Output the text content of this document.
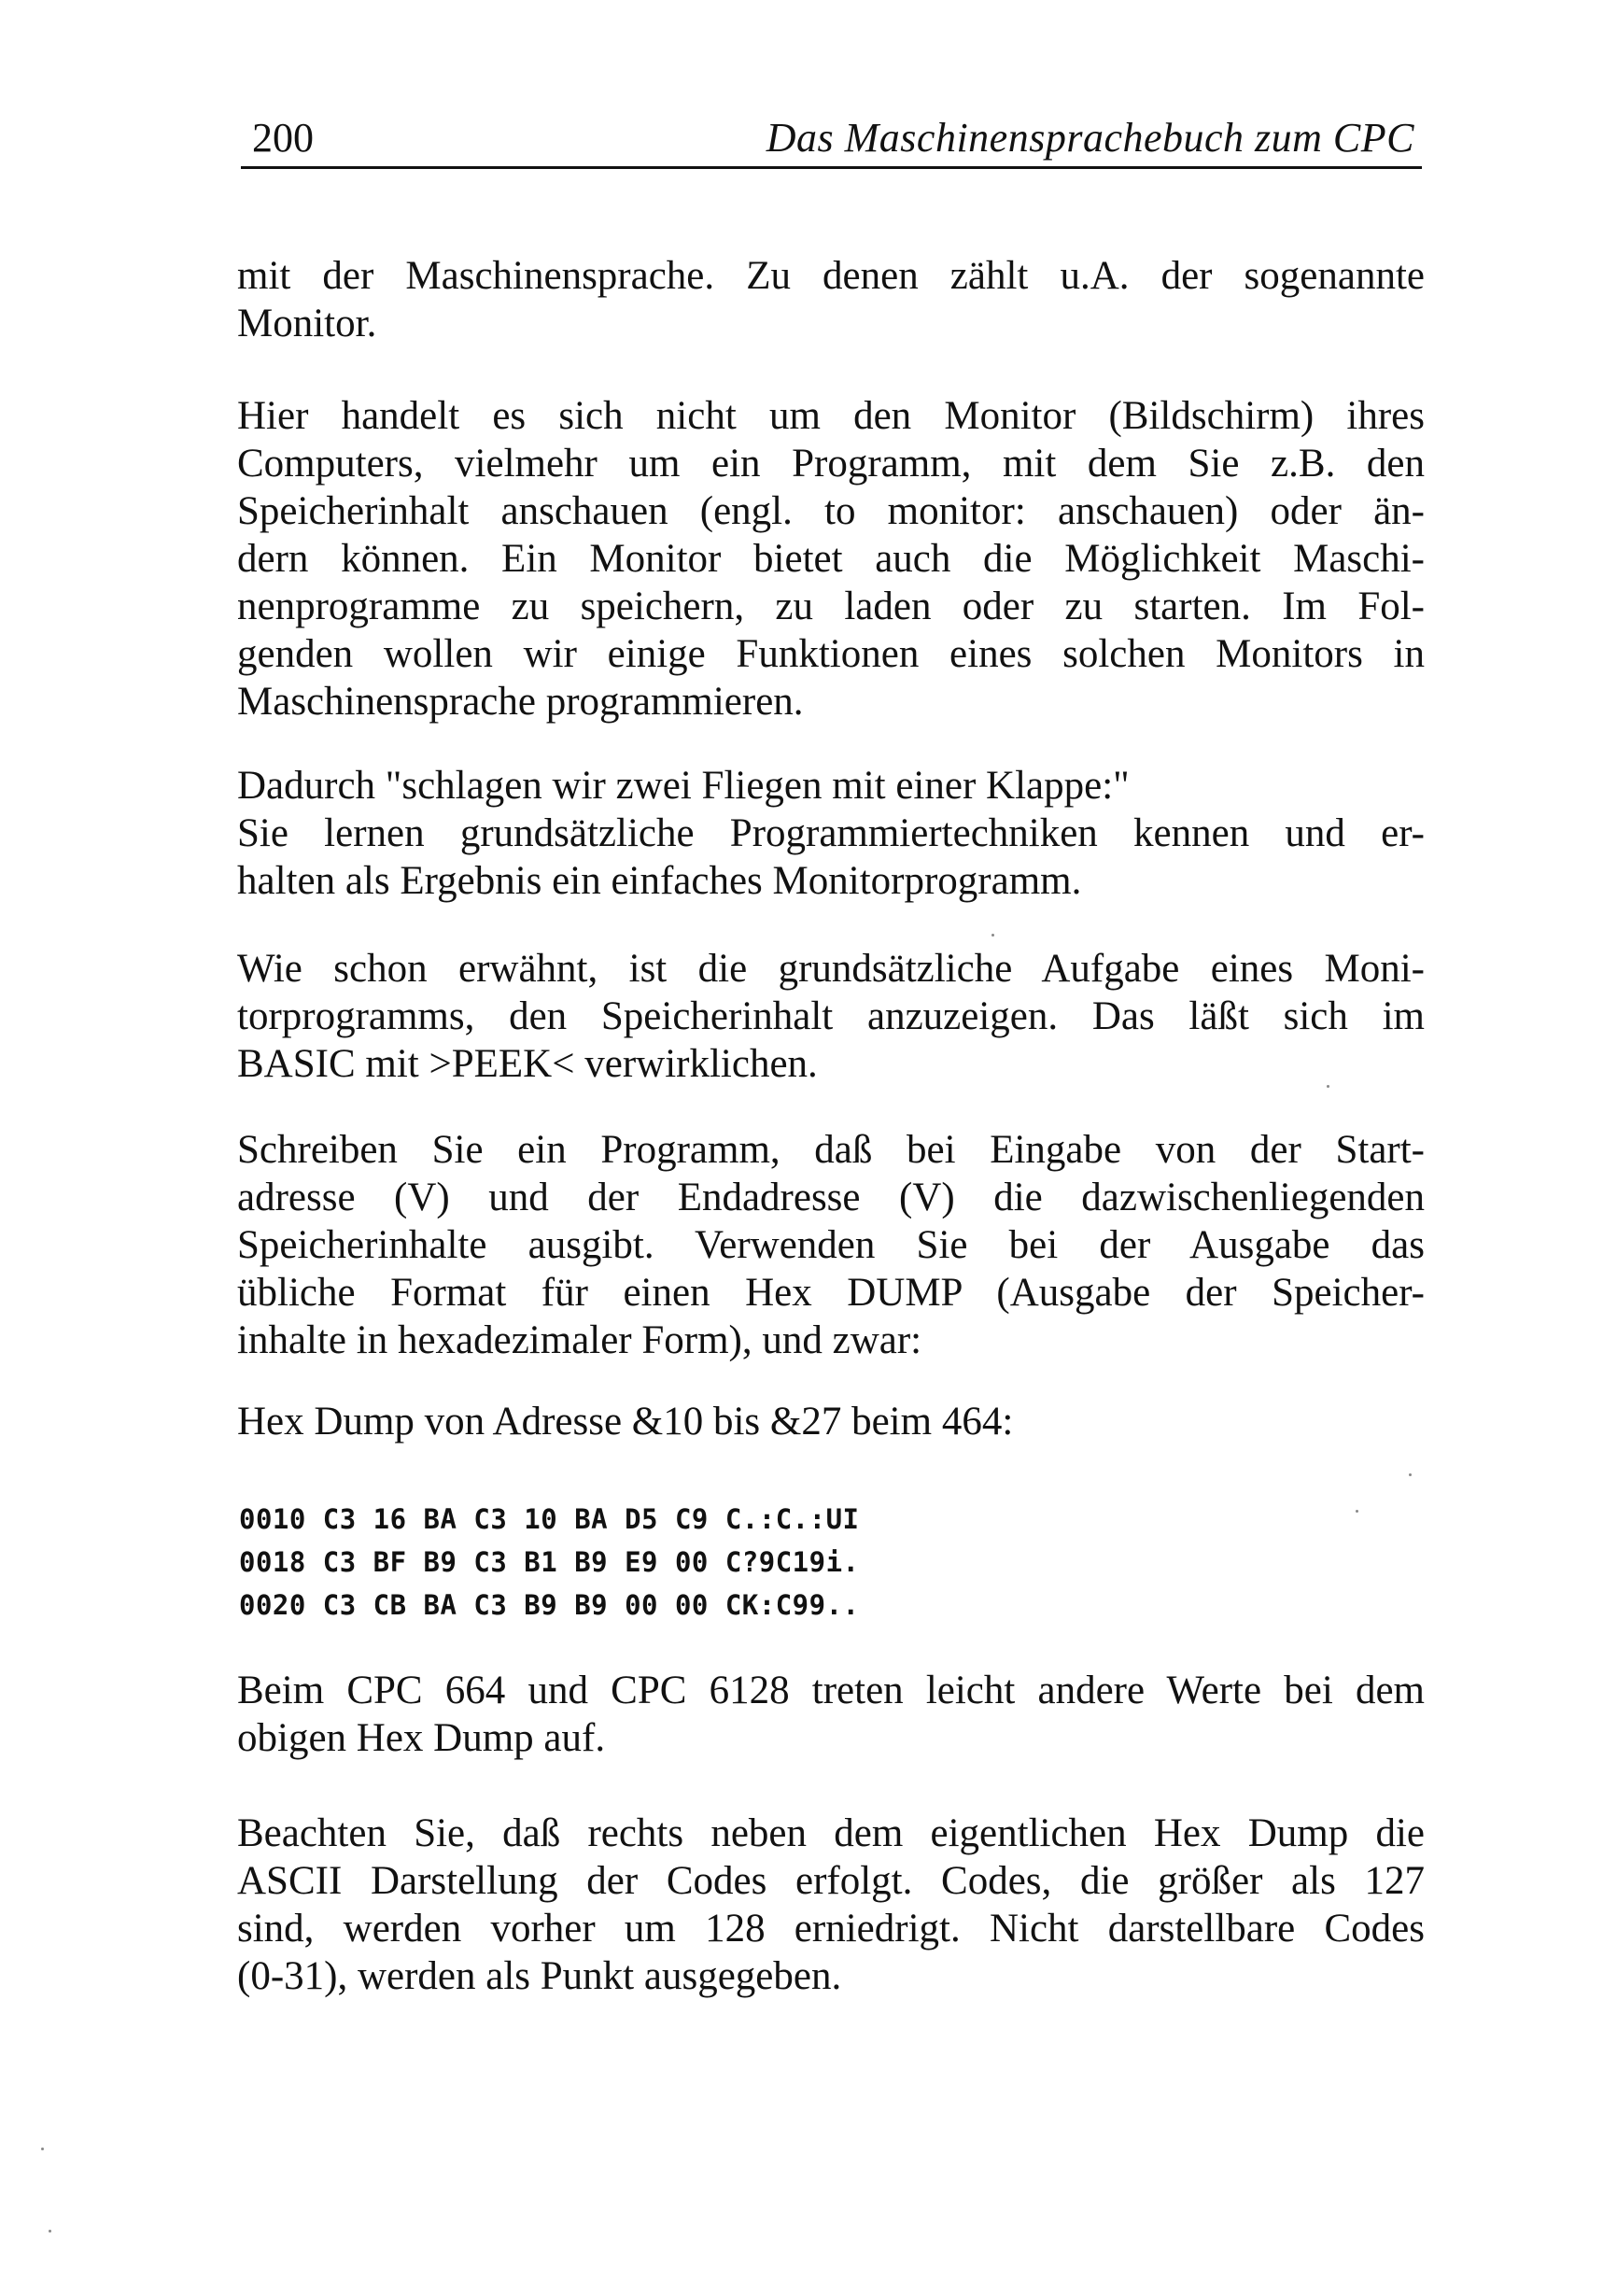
200	Das Maschinensprachebuch zum CPC
mit der Maschinensprache. Zu denen zählt u.A. der sogenannte
Monitor.
Hier handelt es sich nicht um den Monitor (Bildschirm) ihres
Computers, vielmehr um ein Programm, mit dem Sie z.B. den
Speicherinhalt anschauen (engl. to monitor: anschauen) oder än-
dern können. Ein Monitor bietet auch die Möglichkeit Maschi-
nenprogramme zu speichern, zu laden oder zu starten. Im Fol-
genden wollen wir einige Funktionen eines solchen Monitors in
Maschinensprache programmieren.
Dadurch "schlagen wir zwei Fliegen mit einer Klappe:"
Sie lernen grundsätzliche Programmiertechniken kennen und er-
halten als Ergebnis ein einfaches Monitorprogramm.
Wie schon erwähnt, ist die grundsätzliche Aufgabe eines Moni-
torprogramms, den Speicherinhalt anzuzeigen. Das läßt sich im
BASIC mit >PEEK< verwirklichen.
Schreiben Sie ein Programm, daß bei Eingabe von der Start-
adresse (V) und der Endadresse (V) die dazwischenliegenden
Speicherinhalte ausgibt. Verwenden Sie bei der Ausgabe das
übliche Format für einen Hex DUMP (Ausgabe der Speicher-
inhalte in hexadezimaler Form), und zwar:
Hex Dump von Adresse &10 bis &27 beim 464:
0010 C3 16 BA C3 10 BA D5 C9 C.:C.:UI
0018 C3 BF B9 C3 B1 B9 E9 00 C?9C19i.
0020 C3 CB BA C3 B9 B9 00 00 CK:C99..
Beim CPC 664 und CPC 6128 treten leicht andere Werte bei dem
obigen Hex Dump auf.
Beachten Sie, daß rechts neben dem eigentlichen Hex Dump die
ASCII Darstellung der Codes erfolgt. Codes, die größer als 127
sind, werden vorher um 128 erniedrigt. Nicht darstellbare Codes
(0-31), werden als Punkt ausgegeben.
